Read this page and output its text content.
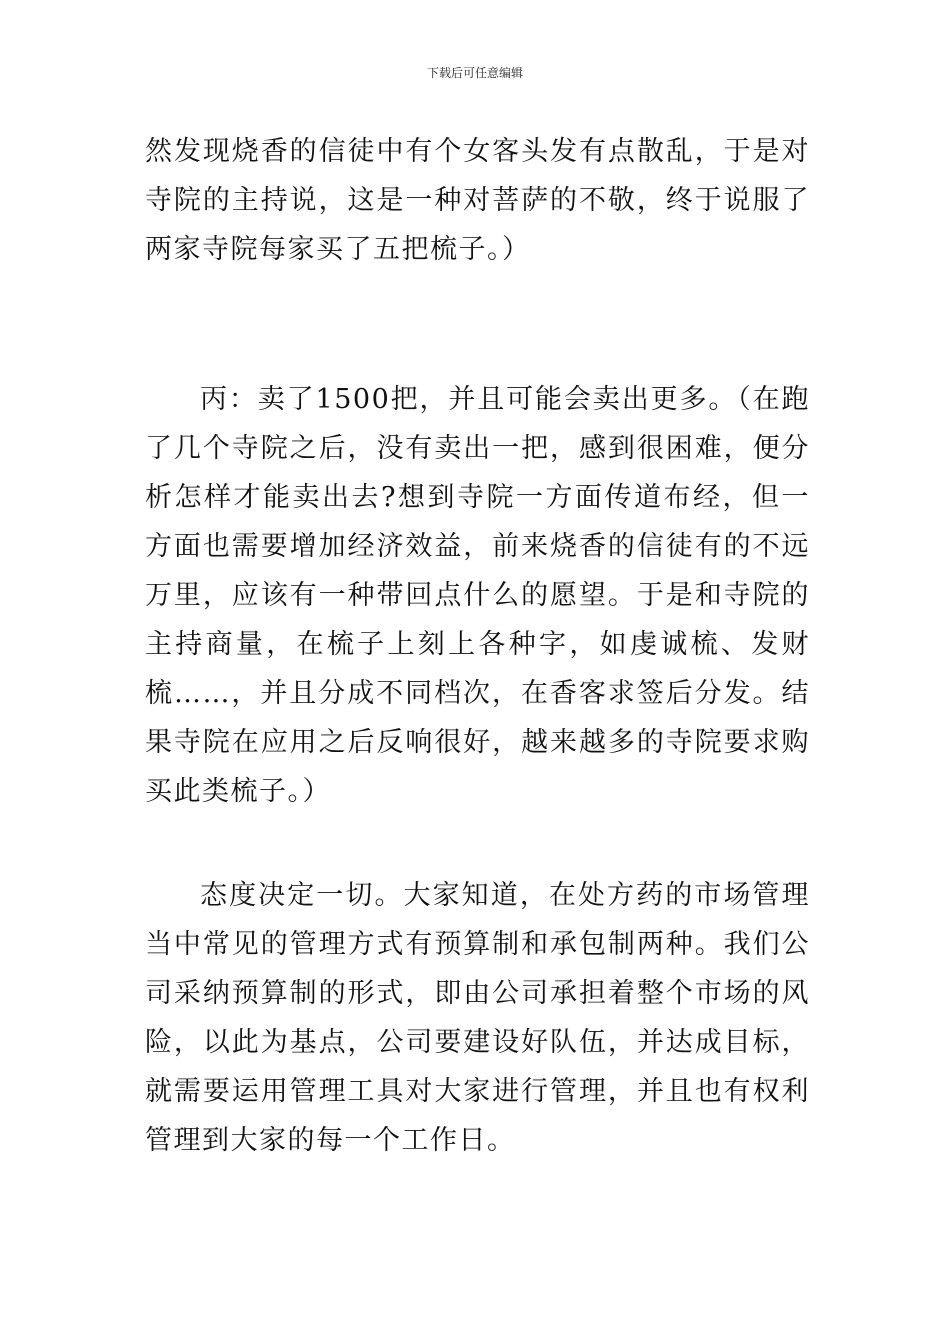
下载后可任意编辑

然发现烧香的信徒中有个女客头发有点散乱，于是对寺院的主持说，这是一种对菩萨的不敬，终于说服了两家寺院每家买了五把梳子。）

丙：卖了1500把，并且可能会卖出更多。（在跑了几个寺院之后，没有卖出一把，感到很困难，便分析怎样才能卖出去?想到寺院一方面传道布经，但一方面也需要增加经济效益，前来烧香的信徒有的不远万里，应该有一种带回点什么的愿望。于是和寺院的主持商量，在梳子上刻上各种字，如虔诚梳、发财梳……，并且分成不同档次，在香客求签后分发。结果寺院在应用之后反响很好，越来越多的寺院要求购买此类梳子。）

态度决定一切。大家知道，在处方药的市场管理当中常见的管理方式有预算制和承包制两种。我们公司采纳预算制的形式，即由公司承担着整个市场的风险，以此为基点，公司要建设好队伍，并达成目标，就需要运用管理工具对大家进行管理，并且也有权利管理到大家的每一个工作日。
